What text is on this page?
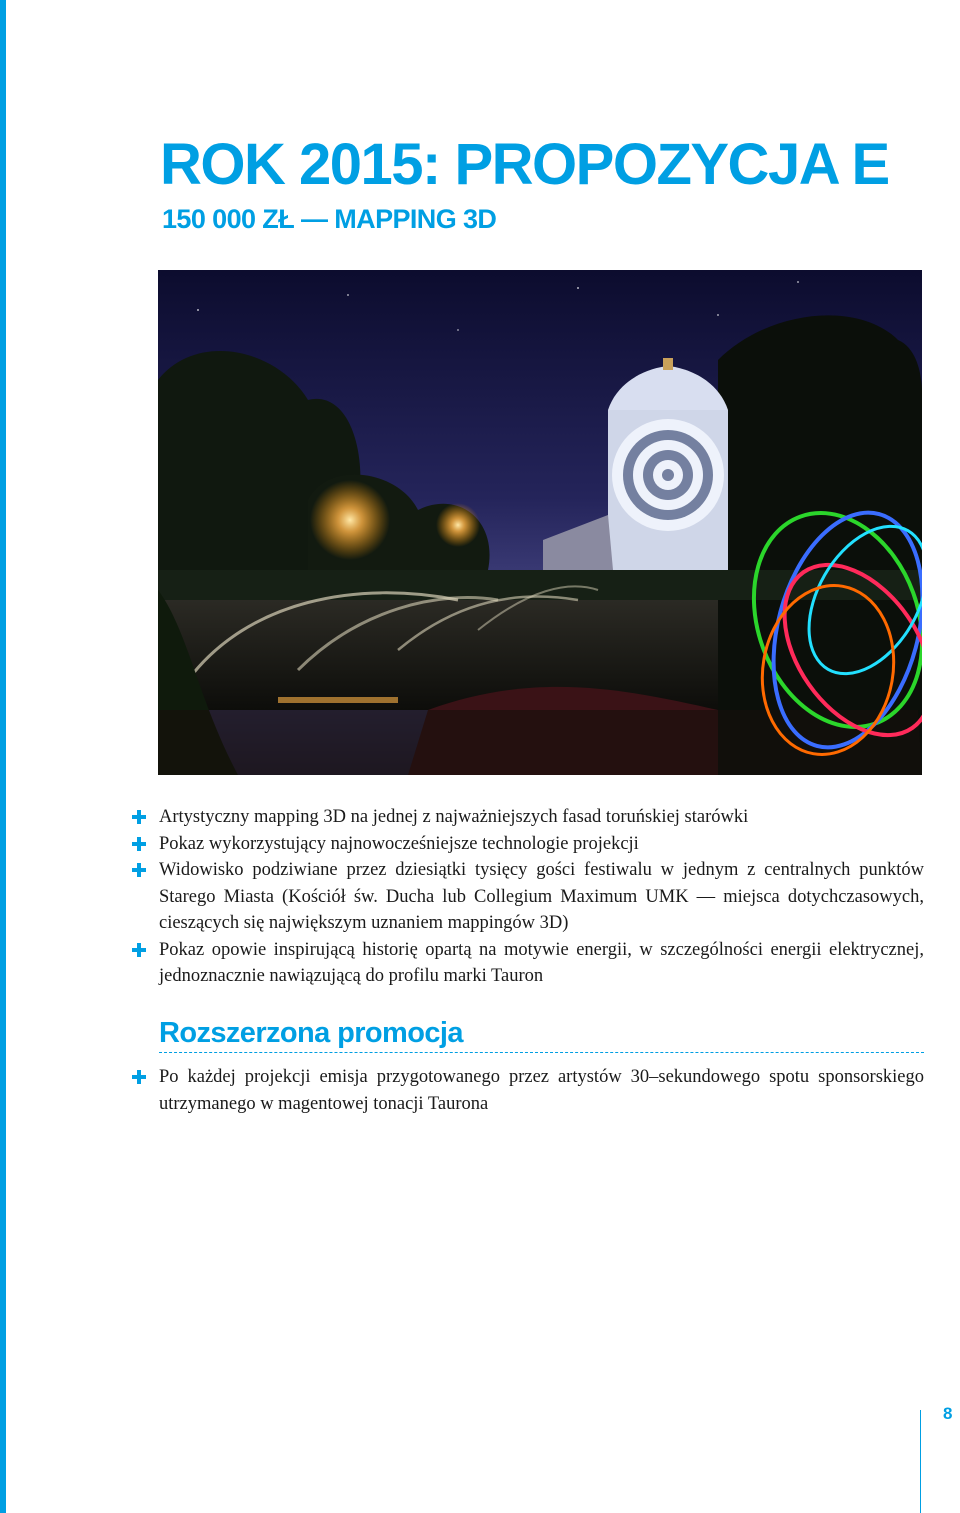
ROK 2015: PROPOZYCJA E
150 000 ZŁ — MAPPING 3D
Artystyczny mapping 3D na jednej z najważniejszych fasad toruńskiej starówki
Pokaz wykorzystujący najnowocześniejsze technologie projekcji
Widowisko podziwiane przez dziesiątki tysięcy gości festiwalu w jednym z centralnych punktów Starego Miasta (Kościół św. Ducha lub Collegium Maximum UMK — miejsca dotychczasowych, cieszących się największym uznaniem mappingów 3D)
Pokaz opowie inspirującą historię opartą na motywie energii, w szczególności energii elektrycznej, jednoznacznie nawiązującą do profilu marki Tauron
Rozszerzona promocja
Po każdej projekcji emisja przygotowanego przez artystów 30–sekundowego spotu sponsorskiego utrzymanego w magentowej tonacji Taurona
8
